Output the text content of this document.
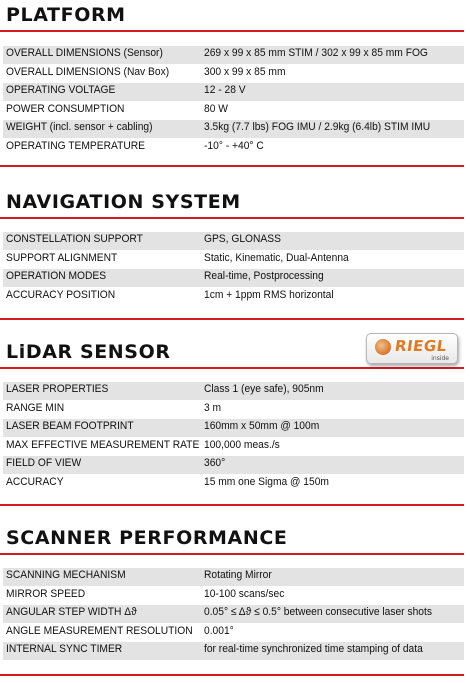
PLATFORM
OVERALL DIMENSIONS (Sensor)	269 x 99 x 85 mm STIM / 302 x 99 x 85 mm FOG
OVERALL DIMENSIONS (Nav Box)	300 x 99 x 85 mm
OPERATING VOLTAGE	12 - 28 V
POWER CONSUMPTION	80 W
WEIGHT (incl. sensor + cabling)	3.5kg (7.7 lbs) FOG IMU / 2.9kg (6.4lb) STIM IMU
OPERATING TEMPERATURE	-10° - +40° C
NAVIGATION SYSTEM
CONSTELLATION SUPPORT	GPS, GLONASS
SUPPORT ALIGNMENT	Static, Kinematic, Dual-Antenna
OPERATION MODES	Real-time, Postprocessing
ACCURACY POSITION	1cm + 1ppm RMS horizontal
LiDAR SENSOR
LASER PROPERTIES	Class 1 (eye safe), 905nm
RANGE MIN	3 m
LASER BEAM FOOTPRINT	160mm x 50mm @ 100m
MAX EFFECTIVE MEASUREMENT RATE 100,000 meas./s
FIELD OF VIEW	360°
ACCURACY	15 mm one Sigma @ 150m
RIEGL
inside
SCANNER PERFORMANCE
SCANNING MECHANISM	Rotating Mirror
MIRROR SPEED	10-100 scans/sec
ANGULAR STEP WIDTH Δϑ	0.05° ≤ Δϑ ≤ 0.5° between consecutive laser shots
ANGLE MEASUREMENT RESOLUTION 0.001°
INTERNAL SYNC TIMER	for real-time synchronized time stamping of data
